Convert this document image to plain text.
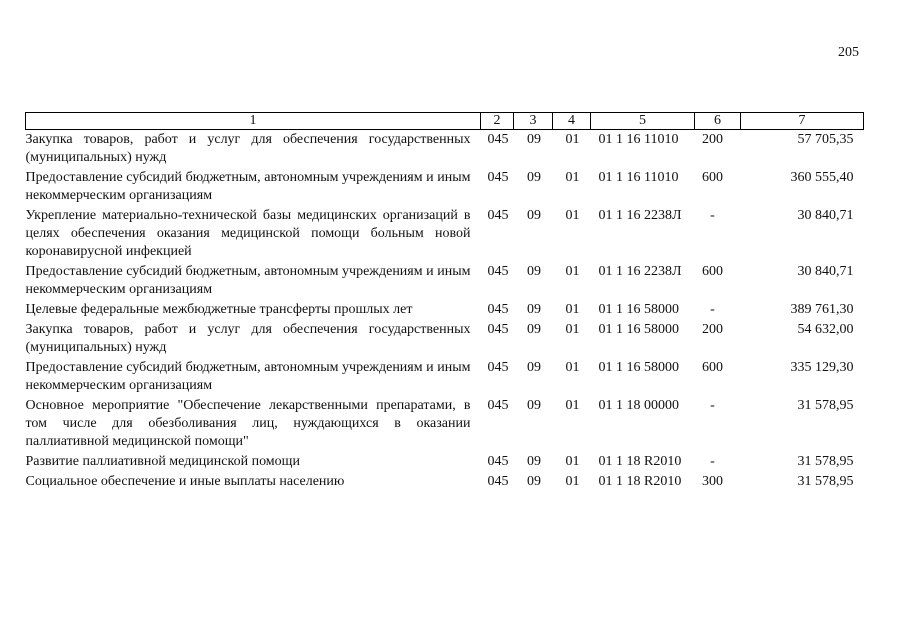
205
1	2	3	4	5	6	7
Закупка товаров, работ и услуг для обеспечения государственных (муниципальных) нужд	045	09	01	01 1 16 11010	200	57 705,35
Предоставление субсидий бюджетным, автономным учреждениям и иным некоммерческим организациям	045	09	01	01 1 16 11010	600	360 555,40
Укрепление материально-технической базы медицинских организаций в целях обеспечения оказания медицинской помощи больным новой коронавирусной инфекцией	045	09	01	01 1 16 2238Л	-	30 840,71
Предоставление субсидий бюджетным, автономным учреждениям и иным некоммерческим организациям	045	09	01	01 1 16 2238Л	600	30 840,71
Целевые федеральные межбюджетные трансферты прошлых лет	045	09	01	01 1 16 58000	-	389 761,30
Закупка товаров, работ и услуг для обеспечения государственных (муниципальных) нужд	045	09	01	01 1 16 58000	200	54 632,00
Предоставление субсидий бюджетным, автономным учреждениям и иным некоммерческим организациям	045	09	01	01 1 16 58000	600	335 129,30
Основное мероприятие "Обеспечение лекарственными препаратами, в том числе для обезболивания лиц, нуждающихся в оказании паллиативной медицинской помощи"	045	09	01	01 1 18 00000	-	31 578,95
Развитие паллиативной медицинской помощи	045	09	01	01 1 18 R2010	-	31 578,95
Социальное обеспечение и иные выплаты населению	045	09	01	01 1 18 R2010	300	31 578,95
